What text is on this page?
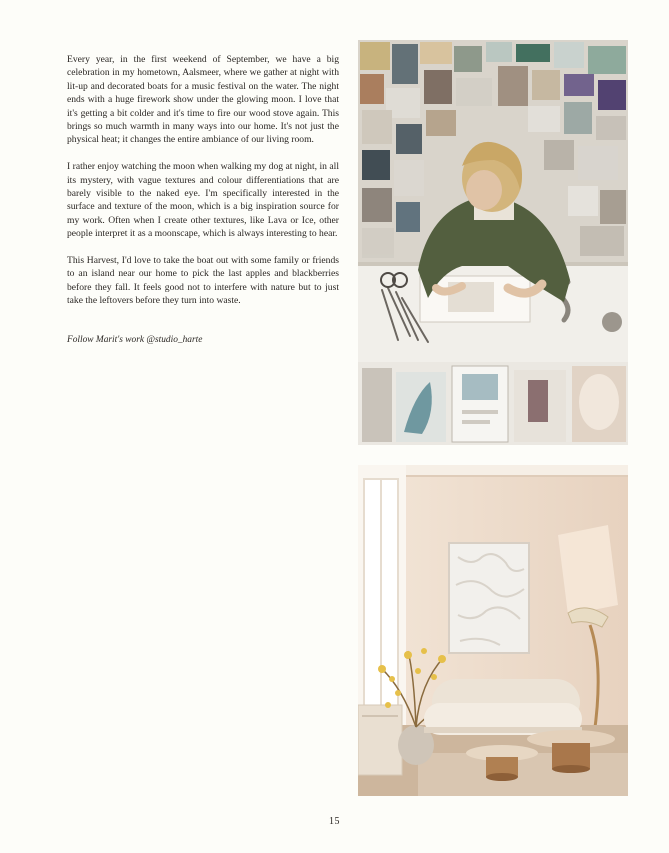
Every year, in the first weekend of September, we have a big celebration in my hometown, Aalsmeer, where we gather at night with lit-up and decorated boats for a music festival on the water. The night ends with a huge firework show under the glowing moon. I love that it's getting a bit colder and it's time to fire our wood stove again. This brings so much warmth in many ways into our home. It's not just the physical heat; it changes the entire ambiance of our living room.

I rather enjoy watching the moon when walking my dog at night, in all its mystery, with vague textures and colour differentiations that are barely visible to the naked eye. I'm specifically interested in the surface and texture of the moon, which is a big inspiration source for my work. Often when I create other textures, like Lava or Ice, other people interpret it as a moonscape, which is always interesting to hear.

This Harvest, I'd love to take the boat out with some family or friends to an island near our home to pick the last apples and blackberries before they fall. It feels good not to interfere with nature but to just take the leftovers before they turn into waste.

Follow Marit's work @studio_harte

15
